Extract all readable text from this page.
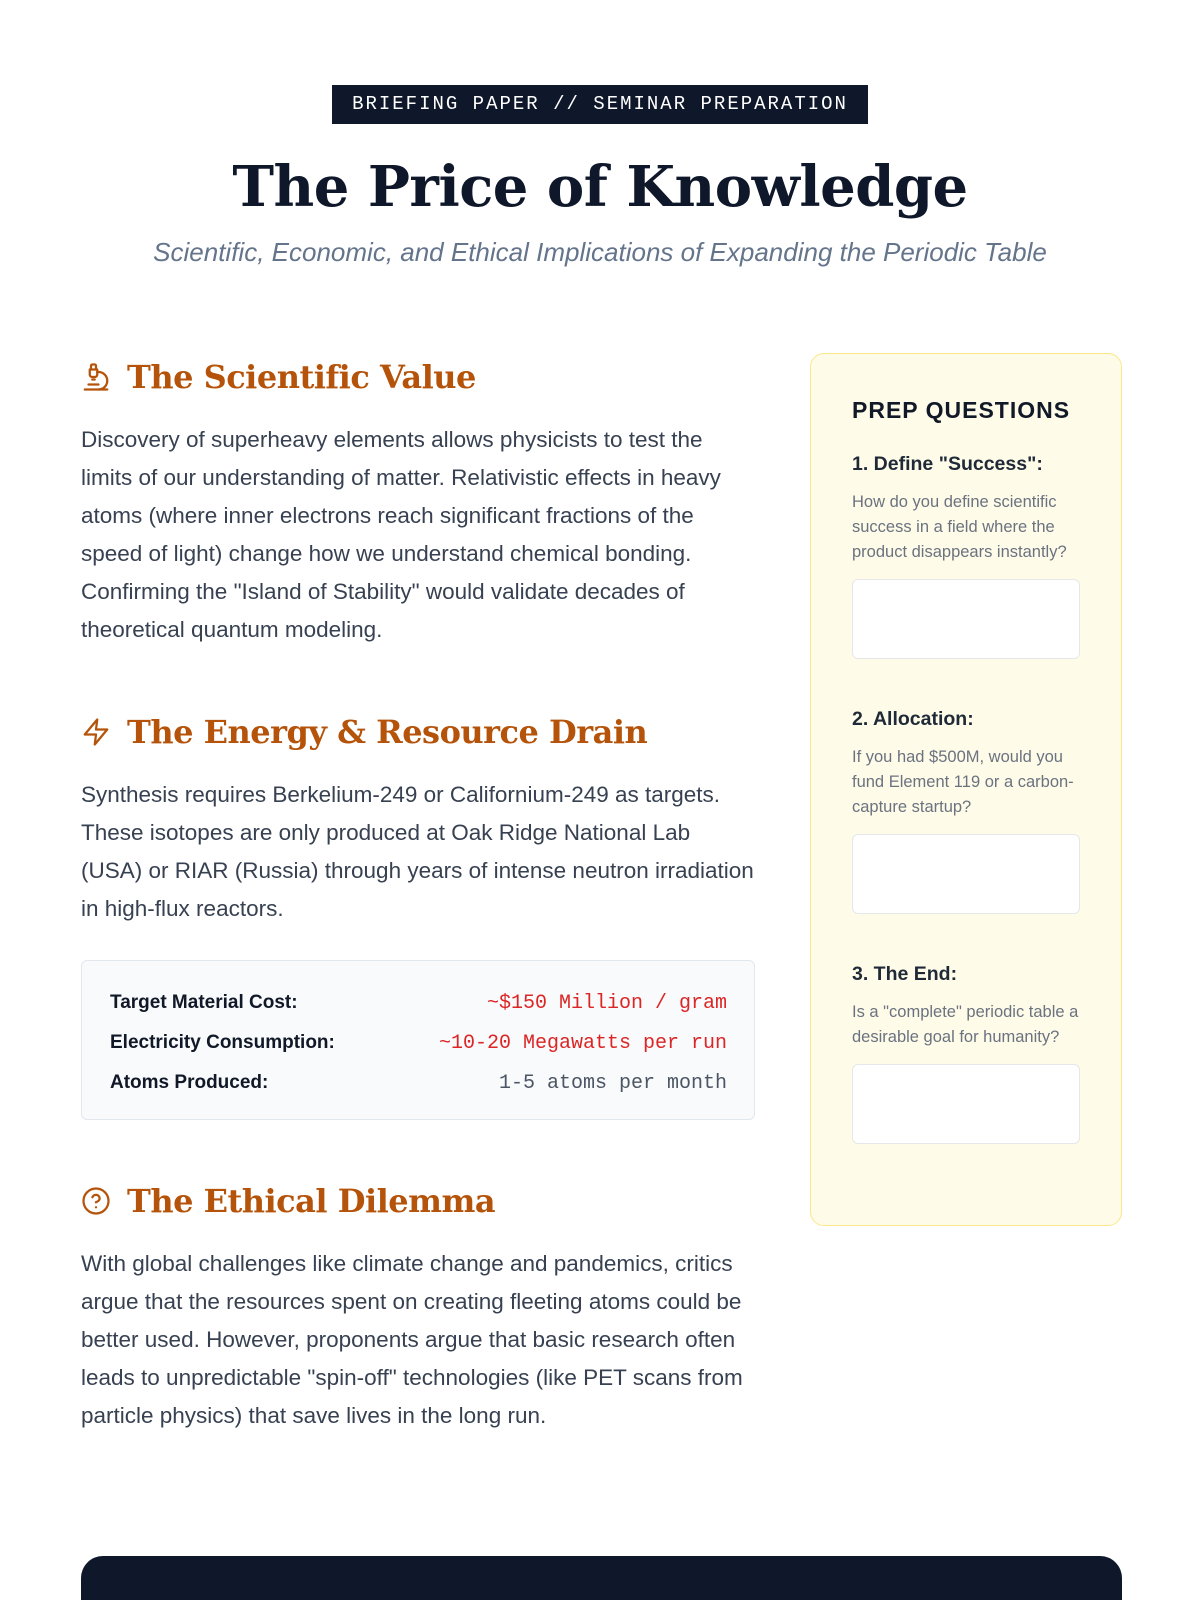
BRIEFING PAPER // SEMINAR PREPARATION
The Price of Knowledge

Scientific, Economic, and Ethical Implications of Expanding the Periodic Table

The Scientific Value

Discovery of superheavy elements allows physicists to test the limits of our understanding of matter. Relativistic effects in heavy atoms (where inner electrons reach significant fractions of the speed of light) change how we understand chemical bonding. Confirming the "Island of Stability" would validate decades of theoretical quantum modeling.

The Energy & Resource Drain

Synthesis requires Berkelium-249 or Californium-249 as targets. These isotopes are only produced at Oak Ridge National Lab (USA) or RIAR (Russia) through years of intense neutron irradiation in high-flux reactors.

Target Material Cost:	~$150 Million / gram
Electricity Consumption:	~10-20 Megawatts per run
Atoms Produced:	1-5 atoms per month
The Ethical Dilemma

With global challenges like climate change and pandemics, critics argue that the resources spent on creating fleeting atoms could be better used. However, proponents argue that basic research often leads to unpredictable "spin-off" technologies (like PET scans from particle physics) that save lives in the long run.

PREP QUESTIONS
1. Define "Success":

How do you define scientific success in a field where the product disappears instantly?

2. Allocation:

If you had $500M, would you fund Element 119 or a carbon-capture startup?

3. The End:

Is a "complete" periodic table a desirable goal for humanity?
